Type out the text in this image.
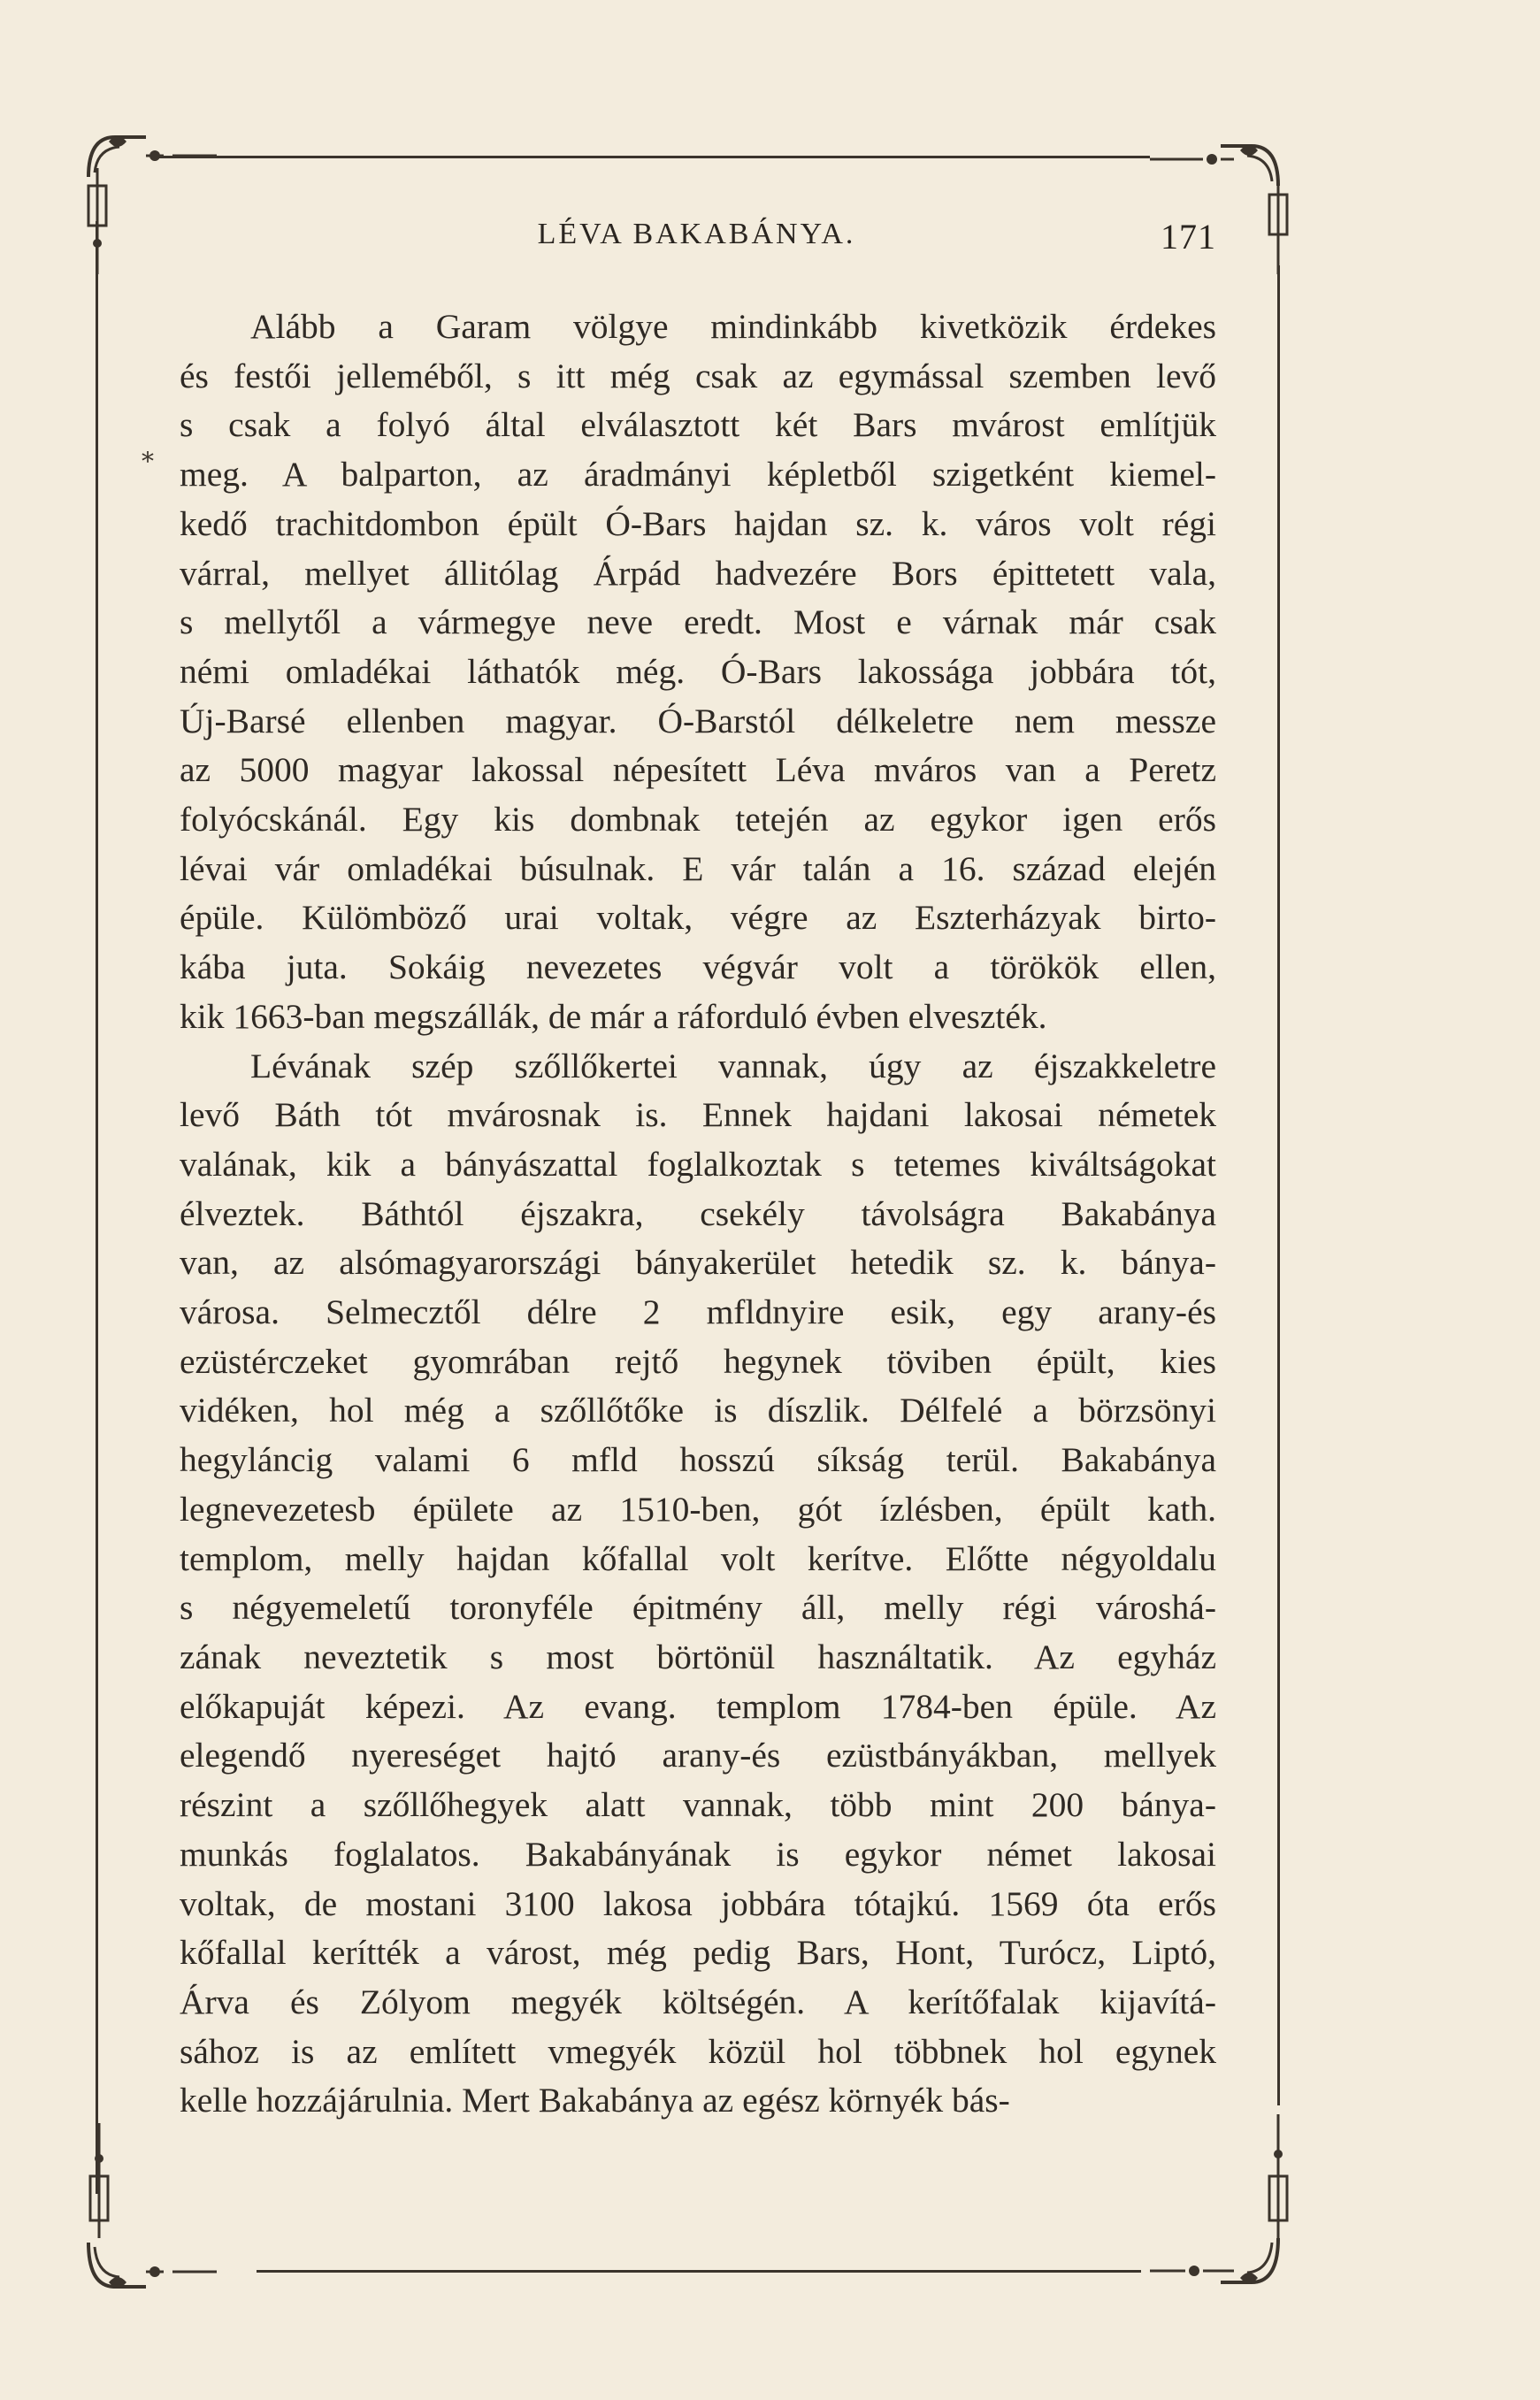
LÉVA BAKABÁNYA.	171
*
Alább a Garam völgye mindinkább kivetközik érdekes
és festői jelleméből, s itt még csak az egymással szemben levő
s csak a folyó által elválasztott két Bars mvárost említjük
meg. A balparton, az áradmányi képletből szigetként kiemel-
kedő trachitdombon épült Ó-Bars hajdan sz. k. város volt régi
várral, mellyet állitólag Árpád hadvezére Bors épittetett vala,
s mellytől a vármegye neve eredt. Most e várnak már csak
némi omladékai láthatók még. Ó-Bars lakossága jobbára tót,
Új-Barsé ellenben magyar. Ó-Barstól délkeletre nem messze
az 5000 magyar lakossal népesített Léva mváros van a Peretz
folyócskánál. Egy kis dombnak tetején az egykor igen erős
lévai vár omladékai búsulnak. E vár talán a 16. század elején
épüle. Külömböző urai voltak, végre az Eszterházyak birto-
kába juta. Sokáig nevezetes végvár volt a törökök ellen,
kik 1663-ban megszállák, de már a ráforduló évben elveszték.
Lévának szép szőllőkertei vannak, úgy az éjszakkeletre
levő Báth tót mvárosnak is. Ennek hajdani lakosai németek
valának, kik a bányászattal foglalkoztak s tetemes kiváltságokat
élveztek. Báthtól éjszakra, csekély távolságra Bakabánya
van, az alsómagyarországi bányakerület hetedik sz. k. bánya-
városa. Selmecztől délre 2 mfldnyire esik, egy arany-és
ezüstérczeket gyomrában rejtő hegynek töviben épült, kies
vidéken, hol még a szőllőtőke is díszlik. Délfelé a börzsönyi
hegyláncig valami 6 mfld hosszú síkság terül. Bakabánya
legnevezetesb épülete az 1510-ben, gót ízlésben, épült kath.
templom, melly hajdan kőfallal volt kerítve. Előtte négyoldalu
s négyemeletű toronyféle épitmény áll, melly régi városhá-
zának neveztetik s most börtönül használtatik. Az egyház
előkapuját képezi. Az evang. templom 1784-ben épüle. Az
elegendő nyereséget hajtó arany-és ezüstbányákban, mellyek
részint a szőllőhegyek alatt vannak, több mint 200 bánya-
munkás foglalatos. Bakabányának is egykor német lakosai
voltak, de mostani 3100 lakosa jobbára tótajkú. 1569 óta erős
kőfallal kerítték a várost, még pedig Bars, Hont, Turócz, Liptó,
Árva és Zólyom megyék költségén. A kerítőfalak kijavítá-
sához is az említett vmegyék közül hol többnek hol egynek
kelle hozzájárulnia. Mert Bakabánya az egész környék bás-
